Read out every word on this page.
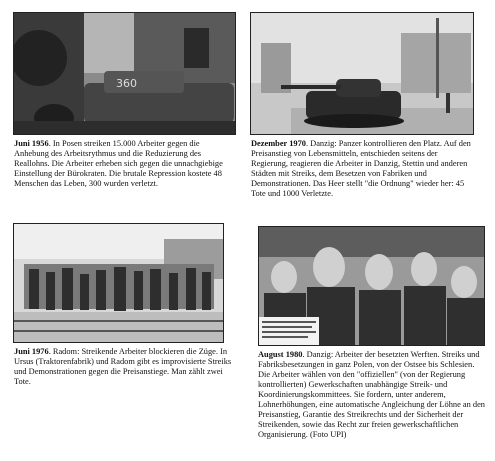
360
Juni 1956. In Posen streiken 15.000 Arbeiter gegen die Anhebung des Arbeitsrythmus und die Reduzierung des Reallohns. Die Arbeiter erheben sich gegen die unnachgiebige Einstellung der Bürokraten. Die brutale Repression kostete 48 Menschen das Leben, 300 wurden verletzt.
Dezember 1970. Danzig: Panzer kontrollieren den Platz. Auf den Preisanstieg von Lebensmitteln, entschieden seitens der Regierung, reagieren die Arbeiter in Danzig, Stettin und anderen Städten mit Streiks, dem Besetzen von Fabriken und Demonstrationen. Das Heer stellt "die Ordnung" wieder her: 45 Tote und 1000 Verletzte.
Juni 1976. Radom: Streikende Arbeiter blockieren die Züge. In Ursus (Traktorenfabrik) und Radom gibt es improvisierte Streiks und Demonstrationen gegen die Preisanstiege. Man zählt zwei Tote.
August 1980. Danzig: Arbeiter der besetzten Werften. Streiks und Fabriksbesetzungen in ganz Polen, von der Ostsee bis Schlesien. Die Arbeiter wählen von den "offiziellen" (von der Regierung kontrollierten) Gewerkschaften unabhängige Streik- und Koordinierungskommittees. Sie fordern, unter anderem, Lohnerhöhungen, eine automatische Angleichung der Löhne an den Preisanstieg, Garantie des Streikrechts und der Sicherheit der Streikenden, sowie das Recht zur freien gewerkschaftlichen Organisierung. (Foto UPI)
